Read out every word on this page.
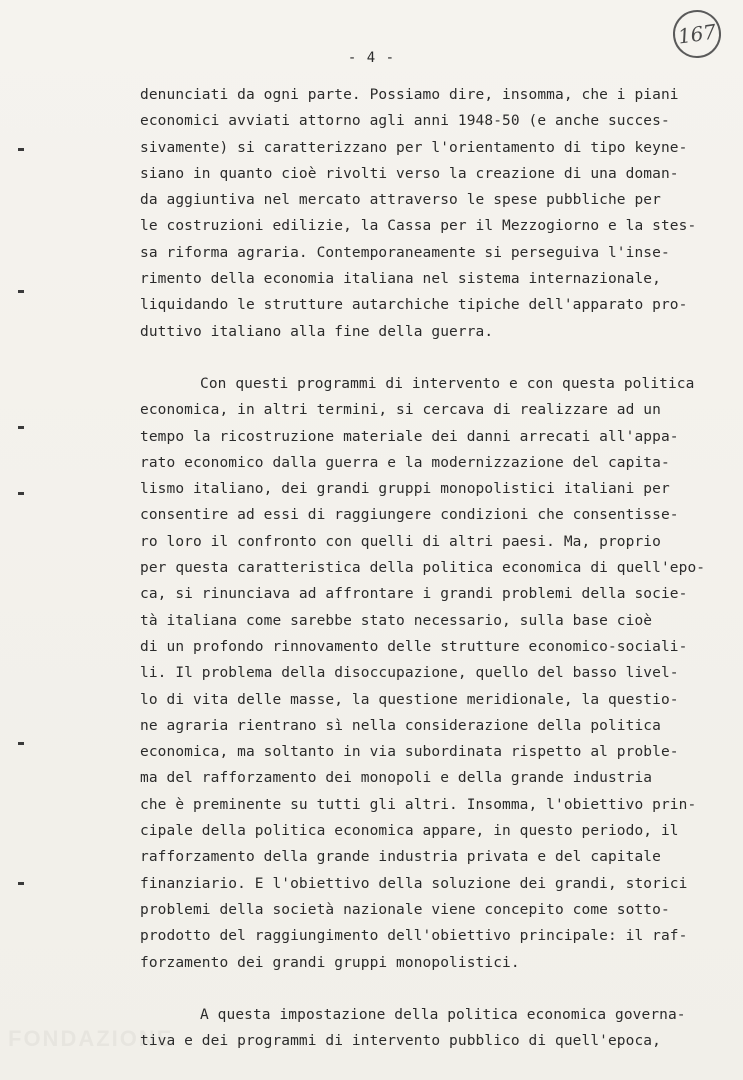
167
- 4 -
denunciati da ogni parte. Possiamo dire, insomma, che i piani
economici avviati attorno agli anni 1948-50 (e anche succes-
sivamente) si caratterizzano per l'orientamento di tipo keyne-
siano in quanto cioè rivolti verso la creazione di una doman-
da aggiuntiva nel mercato attraverso le spese pubbliche per
le costruzioni edilizie, la Cassa per il Mezzogiorno e la stes-
sa riforma agraria. Contemporaneamente si perseguiva l'inse-
rimento della economia italiana nel sistema internazionale,
liquidando le strutture autarchiche tipiche dell'apparato pro-
duttivo italiano alla fine della guerra.
Con questi programmi di intervento e con questa politica
economica, in altri termini, si cercava di realizzare ad un
tempo la ricostruzione materiale dei danni arrecati all'appa-
rato economico dalla guerra e la modernizzazione del capita-
lismo italiano, dei grandi gruppi monopolistici italiani per
consentire ad essi di raggiungere condizioni che consentisse-
ro loro il confronto con quelli di altri paesi. Ma, proprio
per questa caratteristica della politica economica di quell'epo-
ca, si rinunciava ad affrontare i grandi problemi della socie-
tà italiana come sarebbe stato necessario, sulla base cioè
di un profondo rinnovamento delle strutture economico-sociali-
li. Il problema della disoccupazione, quello del basso livel-
lo di vita delle masse, la questione meridionale, la questio-
ne agraria rientrano sì nella considerazione della politica
economica, ma soltanto in via subordinata rispetto al proble-
ma del rafforzamento dei monopoli e della grande industria
che è preminente su tutti gli altri. Insomma, l'obiettivo prin-
cipale della politica economica appare, in questo periodo, il
rafforzamento della grande industria privata e del capitale
finanziario. E l'obiettivo della soluzione dei grandi, storici
problemi della società nazionale viene concepito come sotto-
prodotto del raggiungimento dell'obiettivo principale: il raf-
forzamento dei grandi gruppi monopolistici.
A questa impostazione della politica economica governa-
tiva e dei programmi di intervento pubblico di quell'epoca,
FONDAZIONE
